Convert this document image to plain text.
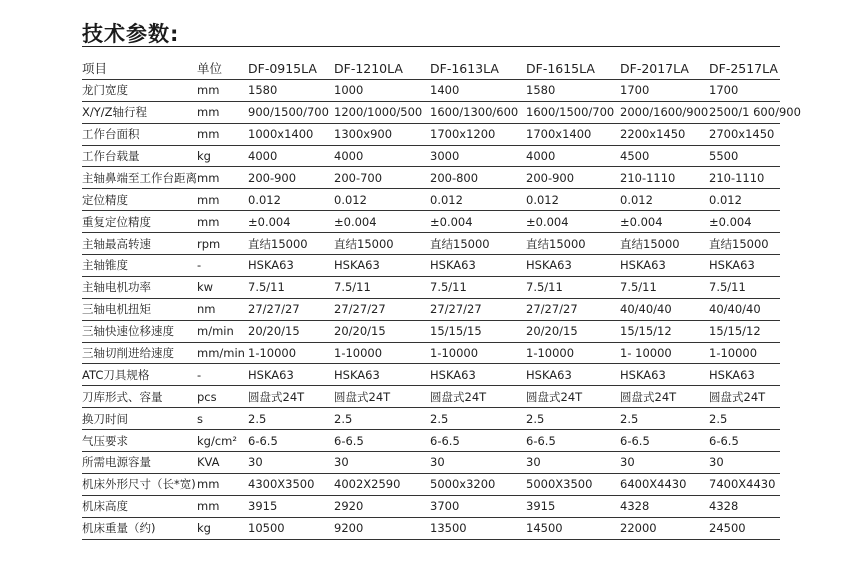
技术参数:
项目	单位	DF-0915LA	DF-1210LA	DF-1613LA	DF-1615LA	DF-2017LA	DF-2517LA
龙门宽度	mm	1580	1000	1400	1580	1700	1700
X/Y/Z轴行程	mm	900/1500/700	1200/1000/500	1600/1300/600	1600/1500/700	2000/1600/900	2500/1 600/900
工作台面积	mm	1000x1400	1300x900	1700x1200	1700x1400	2200x1450	2700x1450
工作台载量	kg	4000	4000	3000	4000	4500	5500
主轴鼻端至工作台距离	mm	200-900	200-700	200-800	200-900	210-1110	210-1110
定位精度	mm	0.012	0.012	0.012	0.012	0.012	0.012
重复定位精度	mm	±0.004	±0.004	±0.004	±0.004	±0.004	±0.004
主轴最高转速	rpm	直结15000	直结15000	直结15000	直结15000	直结15000	直结15000
主轴锥度	-	HSKA63	HSKA63	HSKA63	HSKA63	HSKA63	HSKA63
主轴电机功率	kw	7.5/11	7.5/11	7.5/11	7.5/11	7.5/11	7.5/11
三轴电机扭矩	nm	27/27/27	27/27/27	27/27/27	27/27/27	40/40/40	40/40/40
三轴快速位移速度	m/min	20/20/15	20/20/15	15/15/15	20/20/15	15/15/12	15/15/12
三轴切削进给速度	mm/min	1-10000	1-10000	1-10000	1-10000	1- 10000	1-10000
ATC刀具规格	-	HSKA63	HSKA63	HSKA63	HSKA63	HSKA63	HSKA63
刀库形式、容量	pcs	圆盘式24T	圆盘式24T	圆盘式24T	圆盘式24T	圆盘式24T	圆盘式24T
换刀时间	s	2.5	2.5	2.5	2.5	2.5	2.5
气压要求	kg/cm²	6-6.5	6-6.5	6-6.5	6-6.5	6-6.5	6-6.5
所需电源容量	KVA	30	30	30	30	30	30
机床外形尺寸（长*宽)	mm	4300X3500	4002X2590	5000x3200	5000X3500	6400X4430	7400X4430
机床高度	mm	3915	2920	3700	3915	4328	4328
机床重量（约)	kg	10500	9200	13500	14500	22000	24500
